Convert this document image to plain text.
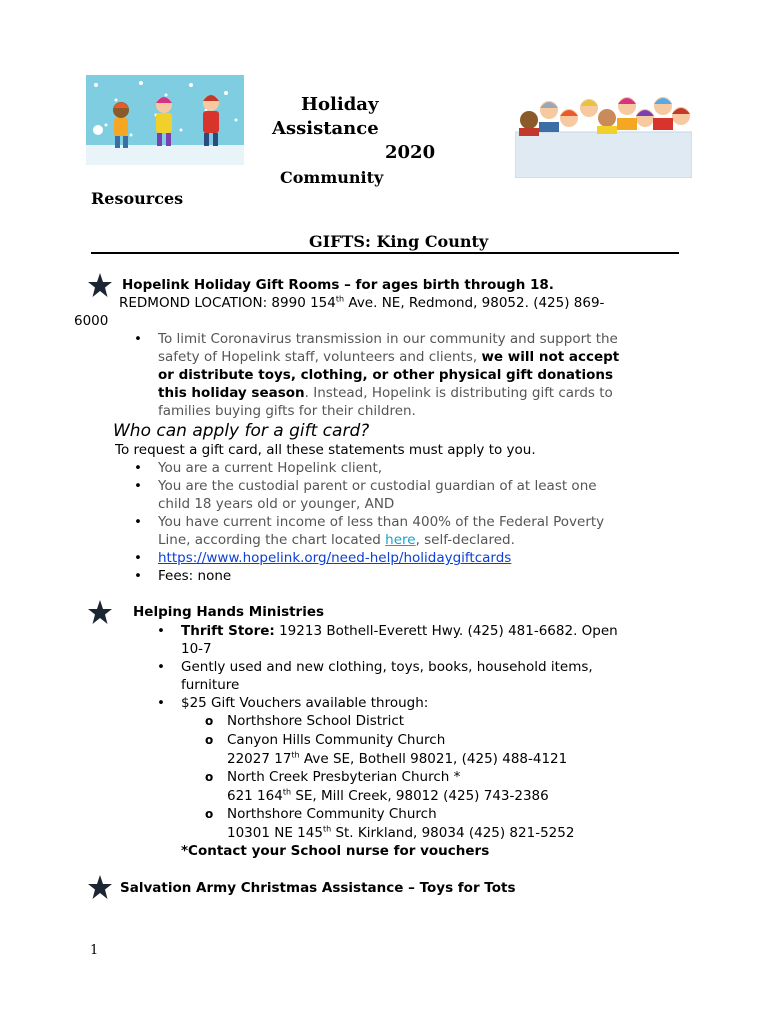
Holiday
Assistance
2020
Community
Resources
GIFTS: King County
Hopelink Holiday Gift Rooms – for ages birth through 18.
REDMOND LOCATION: 8990 154th Ave. NE, Redmond, 98052. (425) 869-
6000
• To limit Coronavirus transmission in our community and support the
safety of Hopelink staff, volunteers and clients, we will not accept
or distribute toys, clothing, or other physical gift donations
this holiday season. Instead, Hopelink is distributing gift cards to
families buying gifts for their children.
Who can apply for a gift card?
To request a gift card, all these statements must apply to you.
• You are a current Hopelink client,
• You are the custodial parent or custodial guardian of at least one
child 18 years old or younger, AND
• You have current income of less than 400% of the Federal Poverty
Line, according the chart located here, self-declared.
• https://www.hopelink.org/need-help/holidaygiftcards
• Fees: none
Helping Hands Ministries
• Thrift Store: 19213 Bothell-Everett Hwy. (425) 481-6682. Open
10-7
• Gently used and new clothing, toys, books, household items,
furniture
• $25 Gift Vouchers available through:
o Northshore School District
o Canyon Hills Community Church
22027 17th Ave SE, Bothell 98021, (425) 488-4121
o North Creek Presbyterian Church *
621 164th SE, Mill Creek, 98012 (425) 743-2386
o Northshore Community Church
10301 NE 145th St. Kirkland, 98034 (425) 821-5252
*Contact your School nurse for vouchers
Salvation Army Christmas Assistance – Toys for Tots
1
